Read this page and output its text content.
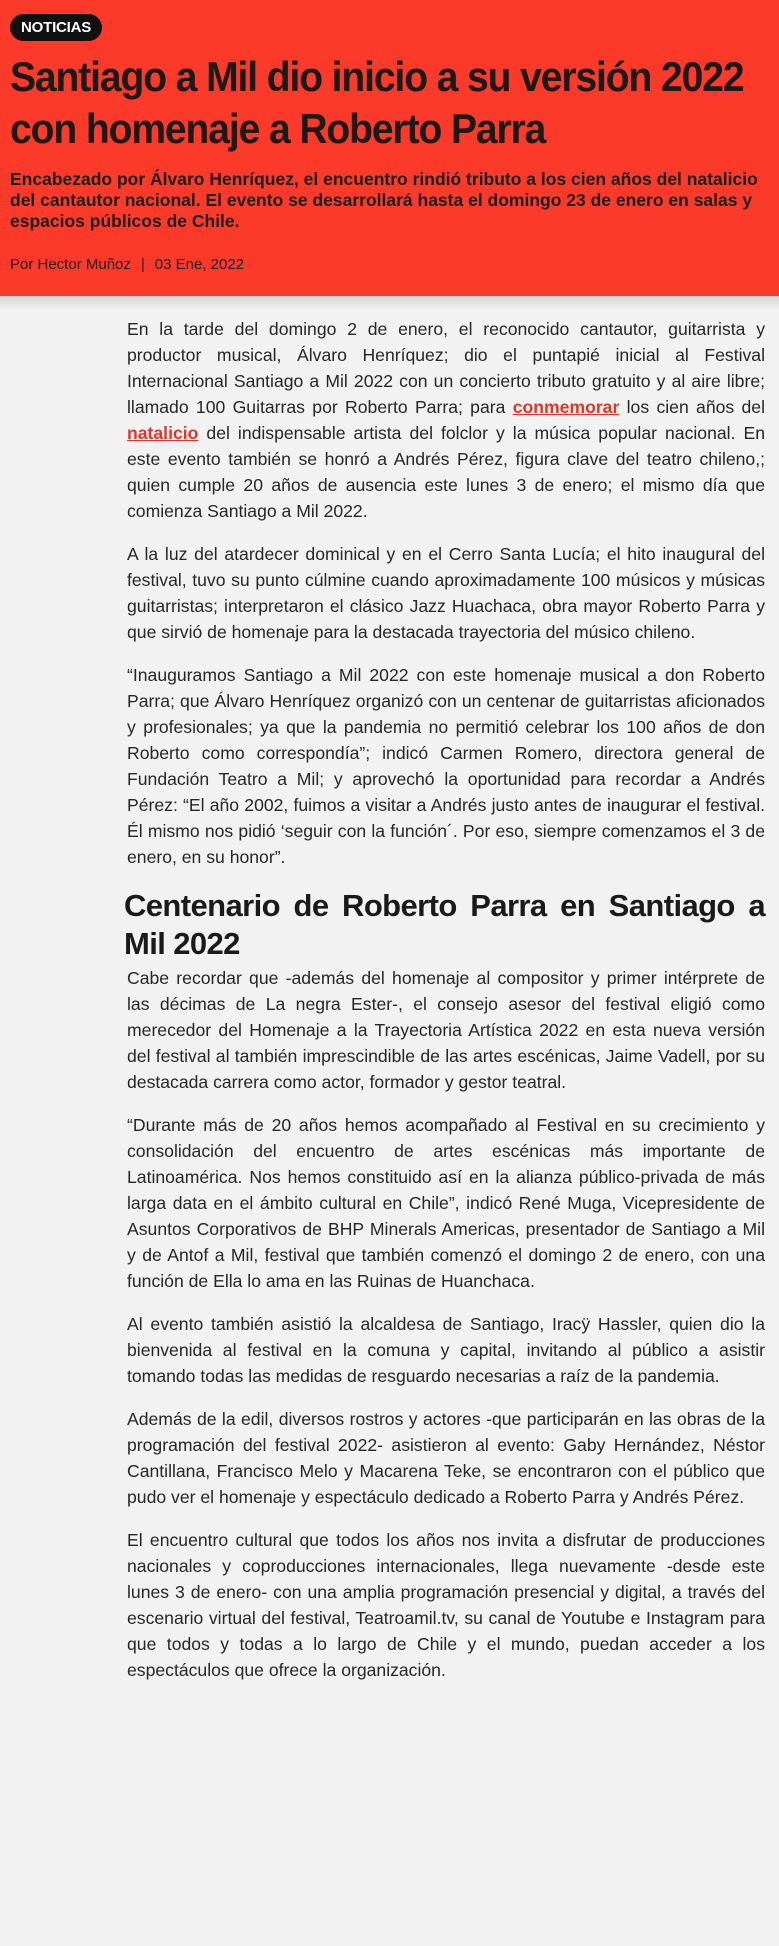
NOTICIAS
Santiago a Mil dio inicio a su versión 2022 con homenaje a Roberto Parra

Encabezado por Álvaro Henríquez, el encuentro rindió tributo a los cien años del natalicio del cantautor nacional. El evento se desarrollará hasta el domingo 23 de enero en salas y espacios públicos de Chile.

Por Hector Muñoz | 03 Ene, 2022

En la tarde del domingo 2 de enero, el reconocido cantautor, guitarrista y productor musical, Álvaro Henríquez; dio el puntapié inicial al Festival Internacional Santiago a Mil 2022 con un concierto tributo gratuito y al aire libre; llamado 100 Guitarras por Roberto Parra; para conmemorar los cien años del natalicio del indispensable artista del folclor y la música popular nacional. En este evento también se honró a Andrés Pérez, figura clave del teatro chileno,; quien cumple 20 años de ausencia este lunes 3 de enero; el mismo día que comienza Santiago a Mil 2022.

A la luz del atardecer dominical y en el Cerro Santa Lucía; el hito inaugural del festival, tuvo su punto cúlmine cuando aproximadamente 100 músicos y músicas guitarristas; interpretaron el clásico Jazz Huachaca, obra mayor Roberto Parra y que sirvió de homenaje para la destacada trayectoria del músico chileno.

“Inauguramos Santiago a Mil 2022 con este homenaje musical a don Roberto Parra; que Álvaro Henríquez organizó con un centenar de guitarristas aficionados y profesionales; ya que la pandemia no permitió celebrar los 100 años de don Roberto como correspondía”; indicó Carmen Romero, directora general de Fundación Teatro a Mil; y aprovechó la oportunidad para recordar a Andrés Pérez: “El año 2002, fuimos a visitar a Andrés justo antes de inaugurar el festival. Él mismo nos pidió ‘seguir con la función´. Por eso, siempre comenzamos el 3 de enero, en su honor”.

Centenario de Roberto Parra en Santiago a Mil 2022

Cabe recordar que -además del homenaje al compositor y primer intérprete de las décimas de La negra Ester-, el consejo asesor del festival eligió como merecedor del Homenaje a la Trayectoria Artística 2022 en esta nueva versión del festival al también imprescindible de las artes escénicas, Jaime Vadell, por su destacada carrera como actor, formador y gestor teatral.

“Durante más de 20 años hemos acompañado al Festival en su crecimiento y consolidación del encuentro de artes escénicas más importante de Latinoamérica. Nos hemos constituido así en la alianza público-privada de más larga data en el ámbito cultural en Chile”, indicó René Muga, Vicepresidente de Asuntos Corporativos de BHP Minerals Americas, presentador de Santiago a Mil y de Antof a Mil, festival que también comenzó el domingo 2 de enero, con una función de Ella lo ama en las Ruinas de Huanchaca.

Al evento también asistió la alcaldesa de Santiago, Iracÿ Hassler, quien dio la bienvenida al festival en la comuna y capital, invitando al público a asistir tomando todas las medidas de resguardo necesarias a raíz de la pandemia.

Además de la edil, diversos rostros y actores -que participarán en las obras de la programación del festival 2022- asistieron al evento: Gaby Hernández, Néstor Cantillana, Francisco Melo y Macarena Teke, se encontraron con el público que pudo ver el homenaje y espectáculo dedicado a Roberto Parra y Andrés Pérez.

El encuentro cultural que todos los años nos invita a disfrutar de producciones nacionales y coproducciones internacionales, llega nuevamente -desde este lunes 3 de enero- con una amplia programación presencial y digital, a través del escenario virtual del festival, Teatroamil.tv, su canal de Youtube e Instagram para que todos y todas a lo largo de Chile y el mundo, puedan acceder a los espectáculos que ofrece la organización.
